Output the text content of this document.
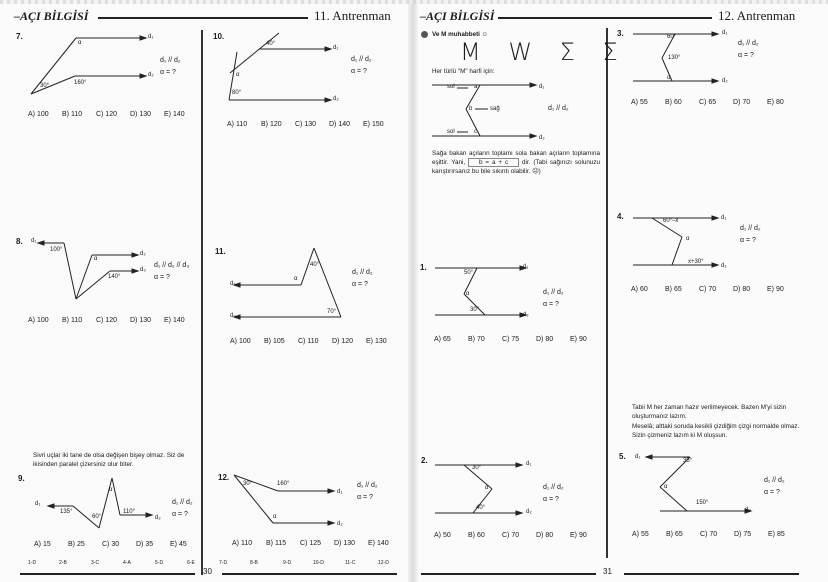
–AÇI BİLGİSİ	11. Antrenman
7.
α
30°	160°
d₁
d₂
d₁ // d₂
α = ?
A) 100	B) 110	C) 120	D) 130	E) 140
8.
100°
α
140°
d₁
d₂
d₃
d₁ // d₂ // d₃
α = ?
A) 100	B) 110	C) 120	D) 130	E) 140
Sivri uçlar iki tane de olsa değişen bişey olmaz. Siz de ikisinden paralel çizersiniz olur biter.
9.
135°
60°
α
110°
d₁
d₂
d₁ // d₂
α = ?
A) 15	B) 25	C) 30	D) 35	E) 45
10.
40°
α
80°
d₁
d₂
d₁ // d₂
α = ?
A) 110	B) 120	C) 130	D) 140	E) 150
11.
α
40°
70°
d₁
d₂
d₁ // d₂
α = ?
A) 100	B) 105	C) 110	D) 120	E) 130
12.
30°	160°
α
d₁
d₂
d₁ // d₂
α = ?
A) 110	B) 115	C) 125	D) 130	E) 140
1-D	2-B	3-C	4-A	5-D	6-E	7-D	8-B	9-D	10-D	11-C	12-D
30
–AÇI BİLGİSİ	12. Antrenman
Ve M muhabbeti ☺
M W Ʃ Σ
Her türlü "M" harfi için:
sol	a
b	sağ
sol	c
d₁
d₂
d₁ // d₂
Sağa bakan açıların toplamı sola bakan açıların toplamına eşittir. Yani, b = a + c dir. (Tabi sağınızı solunuzu karıştırırsanız bu bile sıkıntı olabilir. ☹)
1.
50°
α
30°
d₁
d₂
d₁ // d₂
α = ?
A) 65	B) 70	C) 75	D) 80	E) 90
2.
30°
α
40°
d₁
d₂
d₁ // d₂
α = ?
A) 50	B) 60	C) 70	D) 80	E) 90
3.	60°
130°
α
d₁
d₂
d₁ // d₂
α = ?
A) 55	B) 60	C) 65	D) 70	E) 80
4.	60°–x
α
x+30°
d₁
d₂
d₁ // d₂
α = ?
A) 60	B) 65	C) 70	D) 80	E) 90
Tabii M her zaman hazır verilmeyecek. Bazen M'yi sizin oluşturmanız lazım.
Meselâ; alttaki soruda kesikli çizdiğim çizgi normalde olmaz. Sizin çizmeniz lazım ki M oluşsun.
5.	35°
α
150°
d₁
d₂
d₁ // d₂
α = ?
A) 55	B) 65	C) 70	D) 75	E) 85
31
